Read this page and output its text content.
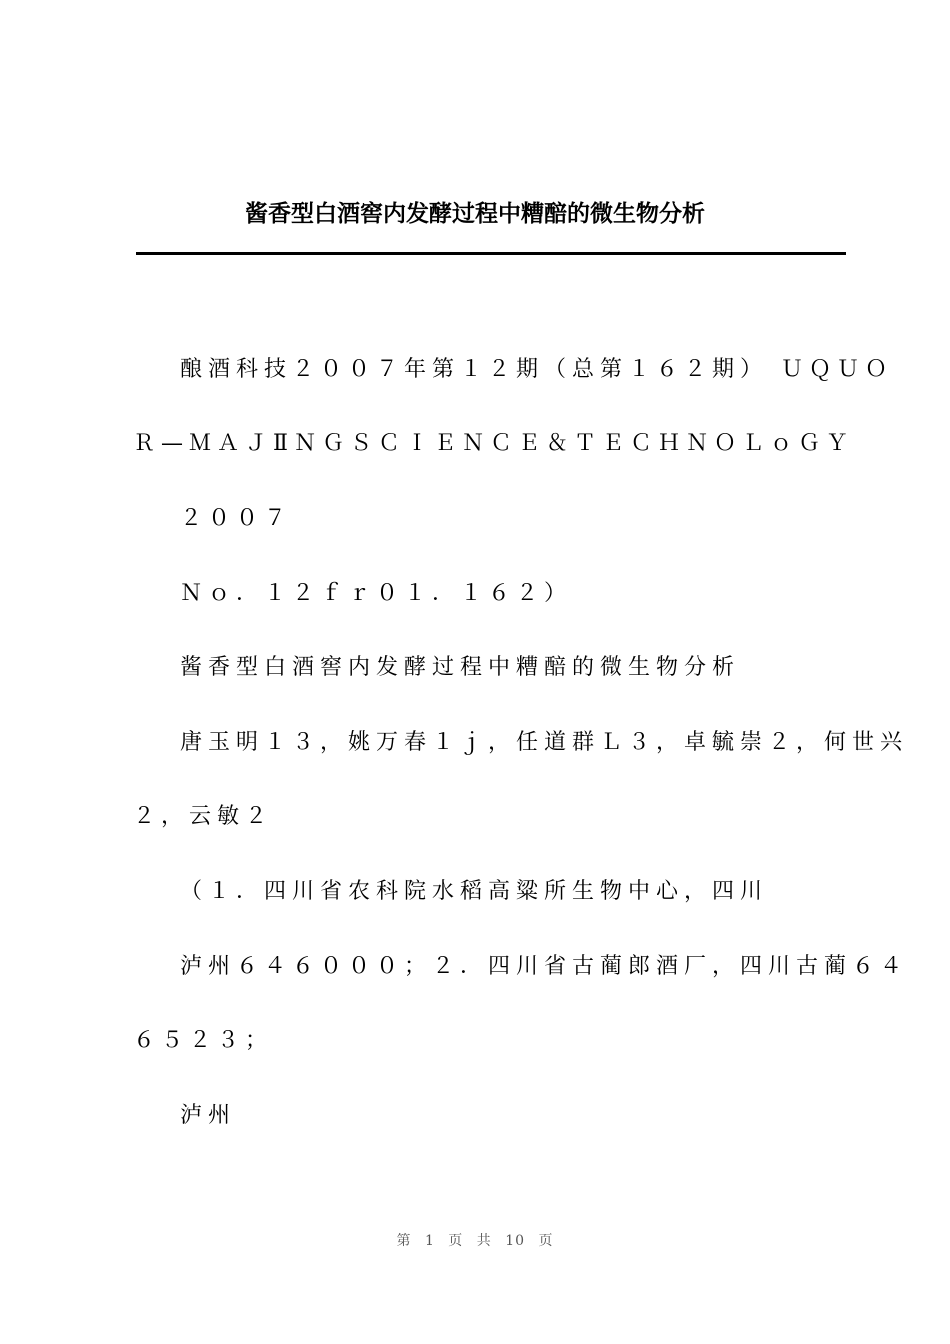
酱香型白酒窖内发酵过程中糟醅的微生物分析
酿酒科技２００７年第１２期（总第１６２期） ＵＱＵＯ
Ｒ—ＭＡＪⅡＮＧＳＣＩＥＮＣＥ＆ＴＥＣＨＮＯＬｏＧＹ
２００７
Ｎｏ．１２ｆｒ０１．１６２）
酱香型白酒窖内发酵过程中糟醅的微生物分析
唐玉明１３，姚万春１ｊ，任道群Ｌ３，卓毓崇２，何世兴
２，云敏２
（１．四川省农科院水稻高粱所生物中心，四川
泸州６４６０００；２．四川省古蔺郎酒厂，四川古蔺６４
６５２３；
泸州
第 1 页 共 10 页
